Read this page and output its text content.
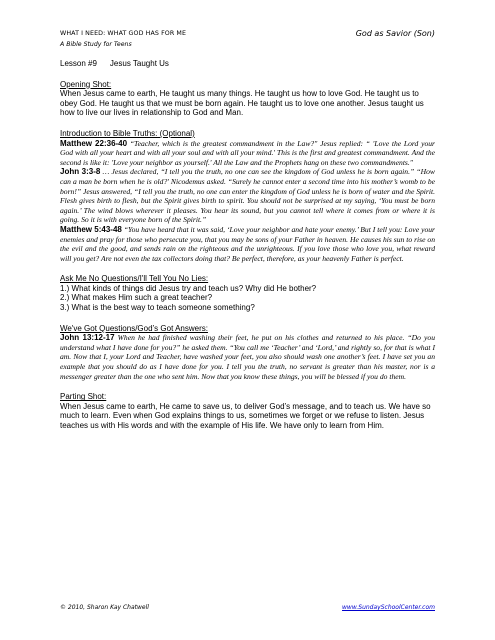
WHAT I NEED: WHAT GOD HAS FOR ME	God as Savior (Son)
A Bible Study for Teens
Lesson #9 Jesus Taught Us
Opening Shot:

When Jesus came to earth, He taught us many things. He taught us how to love God. He taught us to obey God. He taught us that we must be born again. He taught us to love one another. Jesus taught us how to live our lives in relationship to God and Man.

Introduction to Bible Truths: (Optional)

Matthew 22:36-40 “Teacher, which is the greatest commandment in the Law?" Jesus replied: “ 'Love the Lord your God with all your heart and with all your soul and with all your mind.' This is the first and greatest commandment. And the second is like it: 'Love your neighbor as yourself.' All the Law and the Prophets hang on these two commandments."

John 3:3-8 … Jesus declared, “I tell you the truth, no one can see the kingdom of God unless he is born again.” “How can a man be born when he is old?' Nicodemus asked. “Surely he cannot enter a second time into his mother’s womb to be born!” Jesus answered, “I tell you the truth, no one can enter the kingdom of God unless he is born of water and the Spirit. Flesh gives birth to flesh, but the Spirit gives birth to spirit. You should not be surprised at my saying, ‘You must be born again.’ The wind blows wherever it pleases. You hear its sound, but you cannot tell where it comes from or where it is going. So it is with everyone born of the Spirit.”

Matthew 5:43-48 “You have heard that it was said, ‘Love your neighbor and hate your enemy.’ But I tell you: Love your enemies and pray for those who persecute you, that you may be sons of your Father in heaven. He causes his sun to rise on the evil and the good, and sends rain on the righteous and the unrighteous. If you love those who love you, what reward will you get? Are not even the tax collectors doing that? Be perfect, therefore, as your heavenly Father is perfect.

Ask Me No Questions/I'll Tell You No Lies:
1.) What kinds of things did Jesus try and teach us? Why did He bother?
2.) What makes Him such a great teacher?
3.) What is the best way to teach someone something?
We've Got Questions/God’s Got Answers:

John 13:12-17 When he had finished washing their feet, he put on his clothes and returned to his place. “Do you understand what I have done for you?” he asked them. “You call me ‘Teacher’ and ‘Lord,’ and rightly so, for that is what I am. Now that I, your Lord and Teacher, have washed your feet, you also should wash one another’s feet. I have set you an example that you should do as I have done for you. I tell you the truth, no servant is greater than his master, nor is a messenger greater than the one who sent him. Now that you know these things, you will be blessed if you do them.

Parting Shot:

When Jesus came to earth, He came to save us, to deliver God’s message, and to teach us. We have so much to learn. Even when God explains things to us, sometimes we forget or we refuse to listen. Jesus teaches us with His words and with the example of His life. We have only to learn from Him.

© 2010, Sharon Kay Chatwell	www.SundaySchoolCenter.com
